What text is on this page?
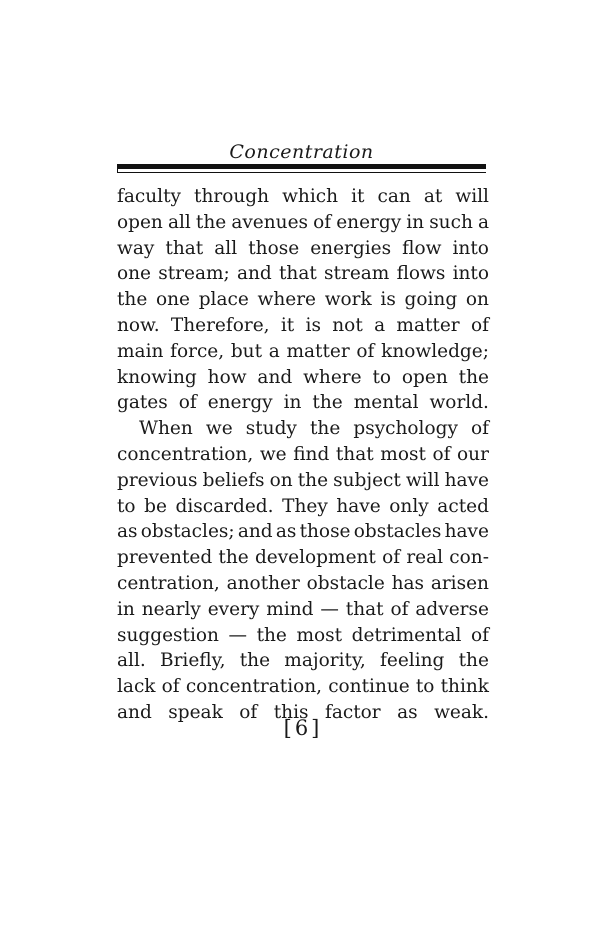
Concentration
faculty through which it can at will
open all the avenues of energy in such a
way that all those energies flow into
one stream; and that stream flows into
the one place where work is going on
now. Therefore, it is not a matter of
main force, but a matter of knowledge;
knowing how and where to open the
gates of energy in the mental world.
When we study the psychology of
concentration, we find that most of our
previous beliefs on the subject will have
to be discarded. They have only acted
as obstacles; and as those obstacles have
prevented the development of real con-
centration, another obstacle has arisen
in nearly every mind — that of adverse
suggestion — the most detrimental of
all. Briefly, the majority, feeling the
lack of concentration, continue to think
and speak of this factor as weak.
[6]
